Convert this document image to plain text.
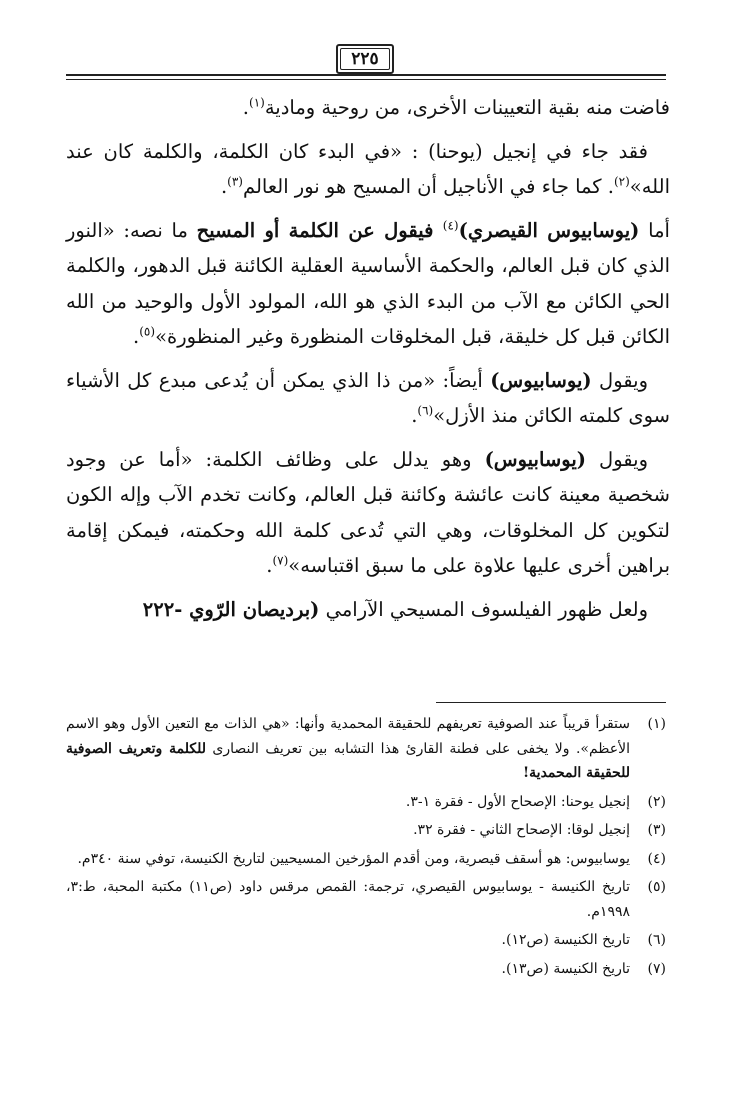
٢٢٥

فاضت منه بقية التعيينات الأخرى، من روحية ومادية$^{(١)}$.

فقد جاء في إنجيل (يوحنا) : «في البدء كان الكلمة، والكلمة كان عند الله»$^{(٢)}$. كما جاء في الأناجيل أن المسيح هو نور العالم$^{(٣)}$.

أما (يوسابيوس القيصري)$^{(٤)}$ فيقول عن الكلمة أو المسيح ما نصه: «النور الذي كان قبل العالم، والحكمة الأساسية العقلية الكائنة قبل الدهور، والكلمة الحي الكائن مع الآب من البدء الذي هو الله، المولود الأول والوحيد من الله الكائن قبل كل خليقة، قبل المخلوقات المنظورة وغير المنظورة»$^{(٥)}$.

ويقول (يوسابيوس) أيضاً: «من ذا الذي يمكن أن يُدعى مبدع كل الأشياء سوى كلمته الكائن منذ الأزل»$^{(٦)}$.

ويقول (يوسابيوس) وهو يدلل على وظائف الكلمة: «أما عن وجود شخصية معينة كانت عائشة وكائنة قبل العالم، وكانت تخدم الآب وإله الكون لتكوين كل المخلوقات، وهي التي تُدعى كلمة الله وحكمته، فيمكن إقامة براهين أخرى عليها علاوة على ما سبق اقتباسه»$^{(٧)}$.

ولعل ظهور الفيلسوف المسيحي الآرامي (برديصان الرّوي -٢٢٢

(١)
ستقرأ قريباً عند الصوفية تعريفهم للحقيقة المحمدية وأنها: «هي الذات مع التعين الأول وهو الاسم الأعظم». ولا يخفى على فطنة القارئ هذا التشابه بين تعريف النصارى للكلمة وتعريف الصوفية للحقيقة المحمدية!
(٢)
إنجيل يوحنا: الإصحاح الأول - فقرة ١-٣.
(٣)
إنجيل لوقا: الإصحاح الثاني - فقرة ٣٢.
(٤)
يوسابيوس: هو أسقف قيصرية، ومن أقدم المؤرخين المسيحيين لتاريخ الكنيسة، توفي سنة ٣٤٠م.
(٥)
تاريخ الكنيسة - يوسابيوس القيصري، ترجمة: القمص مرقس داود (ص١١) مكتبة المحبة، ط:٣، ١٩٩٨م.
(٦)
تاريخ الكنيسة (ص١٢).
(٧)
تاريخ الكنيسة (ص١٣).
